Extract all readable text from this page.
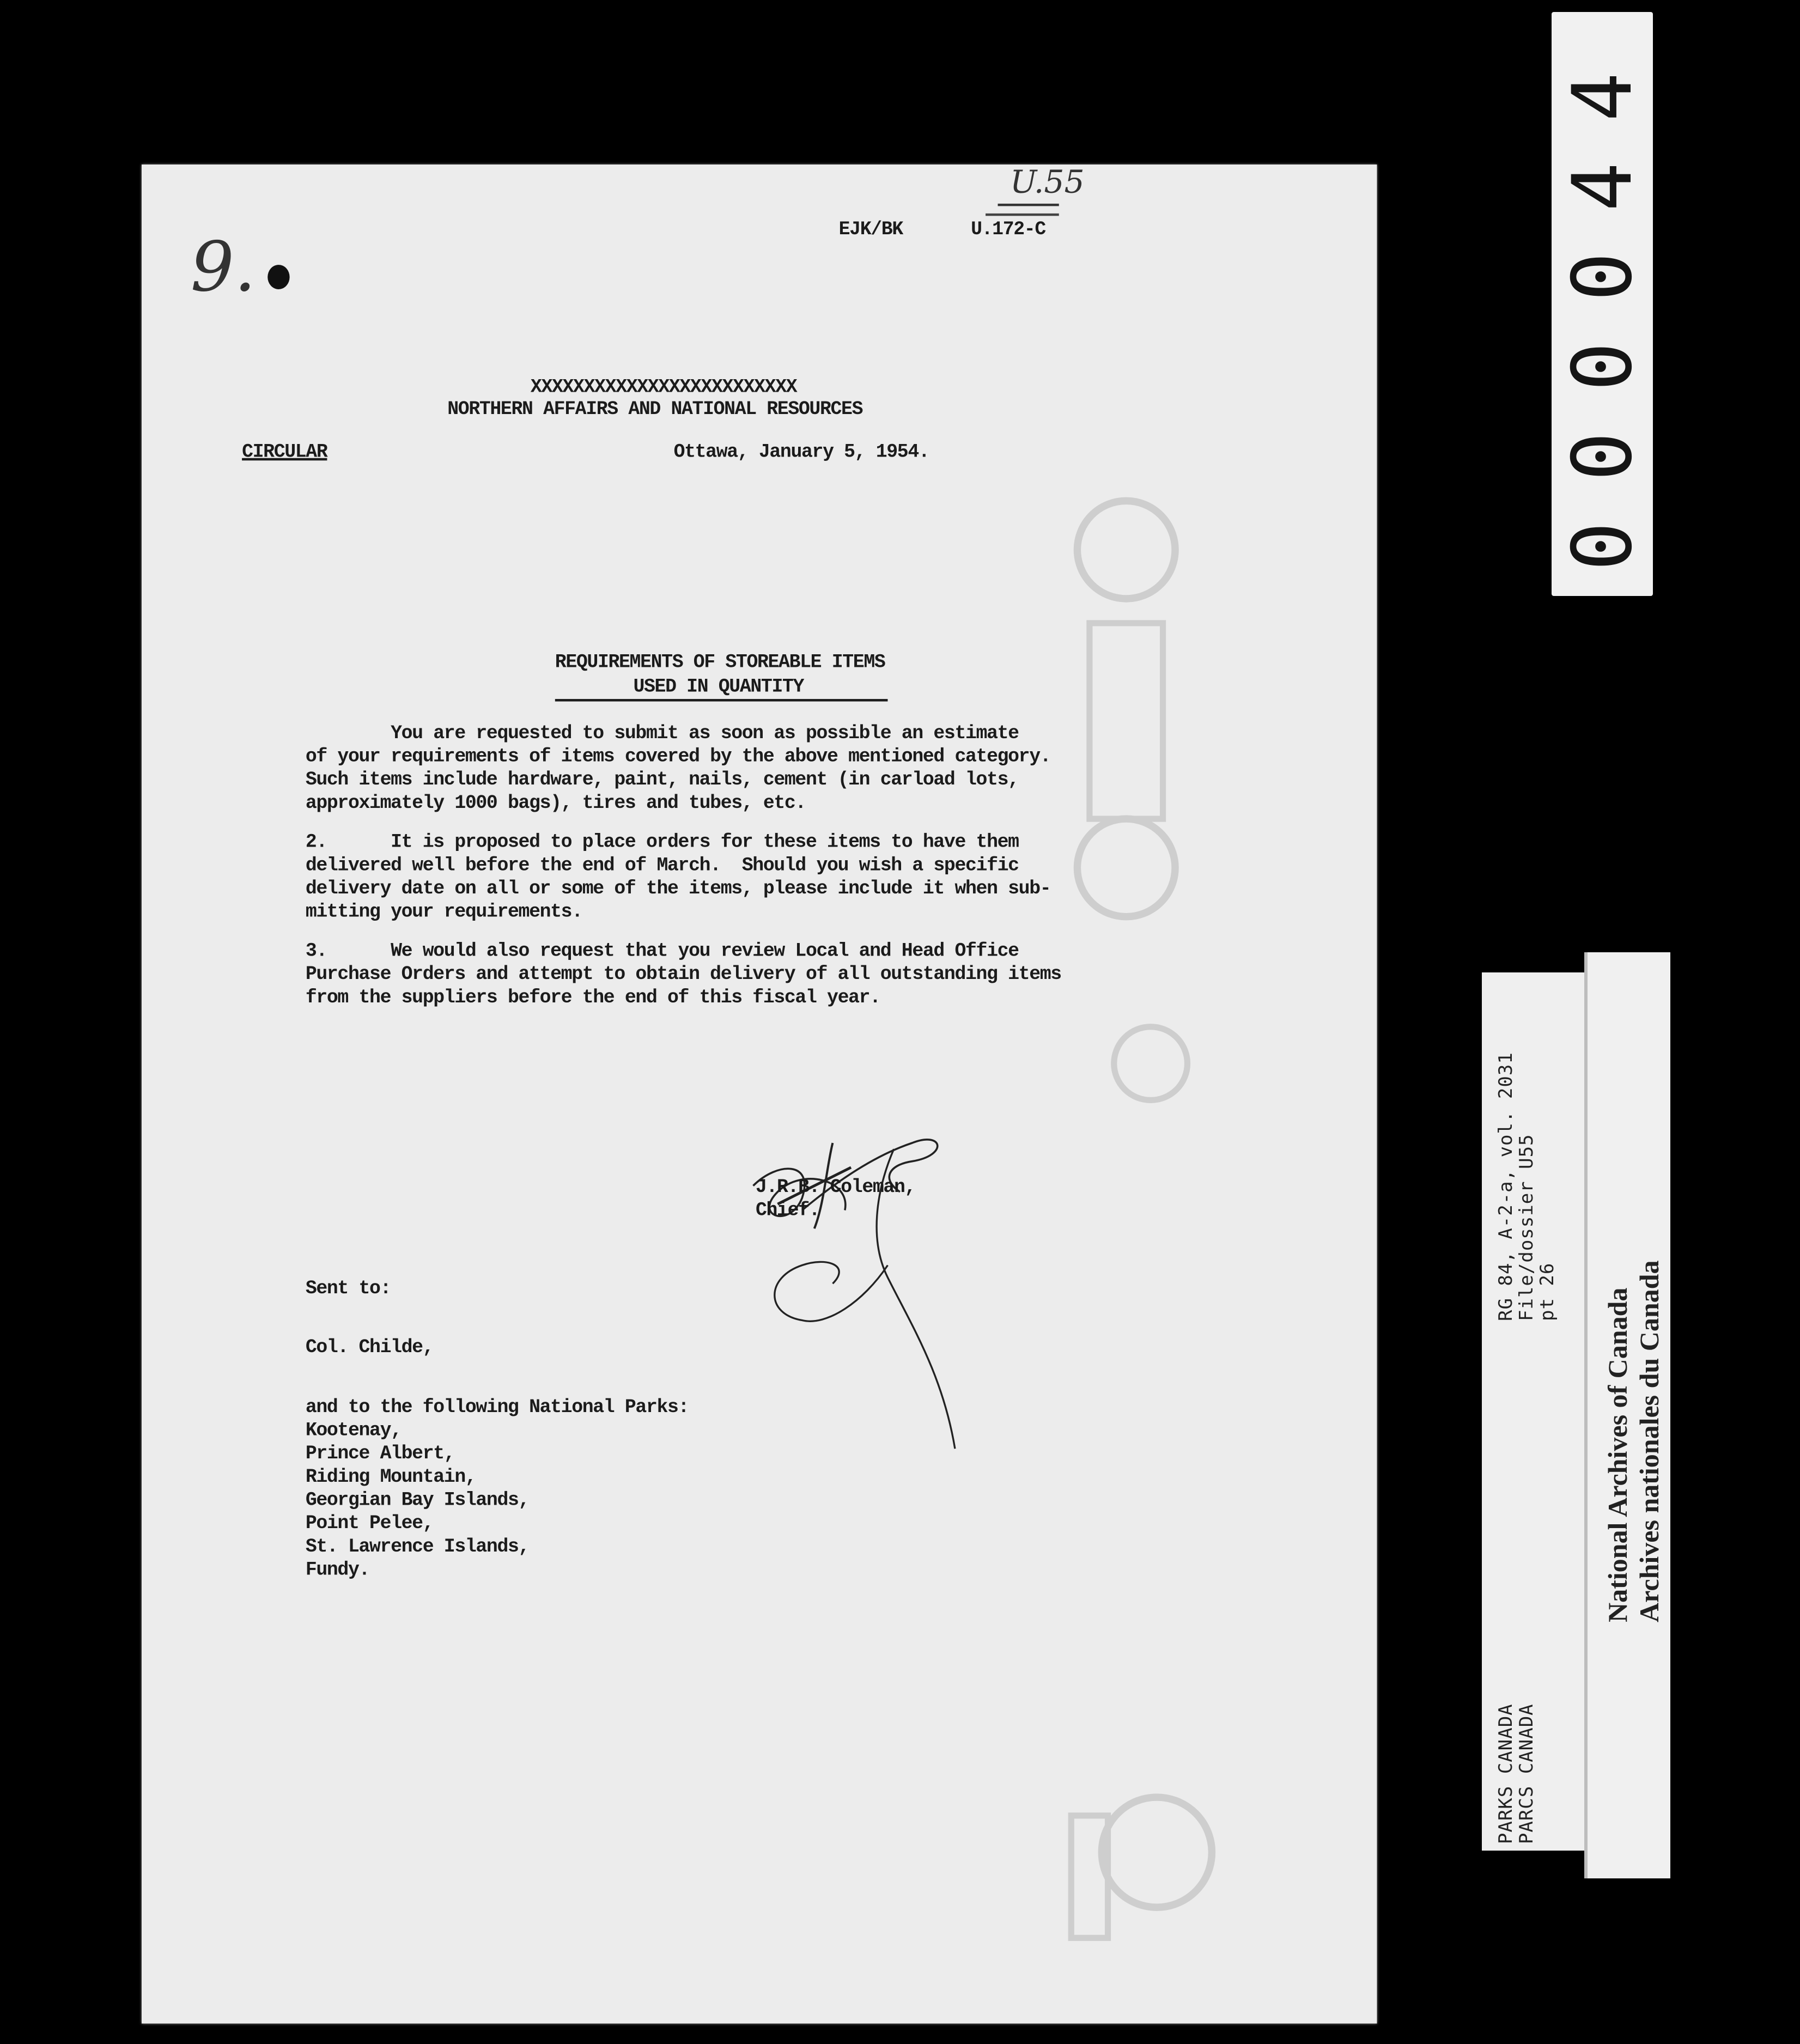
U.55
EJK/BK	U.172-C
9.
XXXXXXXXXXXXXXXXXXXXXXXXX
NORTHERN AFFAIRS AND NATIONAL RESOURCES
CIRCULAR	Ottawa, January 5, 1954.
REQUIREMENTS OF STOREABLE ITEMS
USED IN QUANTITY
You are requested to submit as soon as possible an estimate
of your requirements of items covered by the above mentioned category.
Such items include hardware, paint, nails, cement (in carload lots,
approximately 1000 bags), tires and tubes, etc.
2.      It is proposed to place orders for these items to have them
delivered well before the end of March.  Should you wish a specific
delivery date on all or some of the items, please include it when sub-
mitting your requirements.
3.      We would also request that you review Local and Head Office
Purchase Orders and attempt to obtain delivery of all outstanding items
from the suppliers before the end of this fiscal year.
J.R.B. Coleman,
Chief.
Sent to:
Col. Childe,
and to the following National Parks:
Kootenay,
Prince Albert,
Riding Mountain,
Georgian Bay Islands,
Point Pelee,
St. Lawrence Islands,
Fundy.
0
0
0
0
4
4
RG 84, A-2-a, vol. 2031
File/dossier U55
pt 26
PARKS CANADA
PARCS CANADA
National Archives of Canada Archives nationales du Canada
